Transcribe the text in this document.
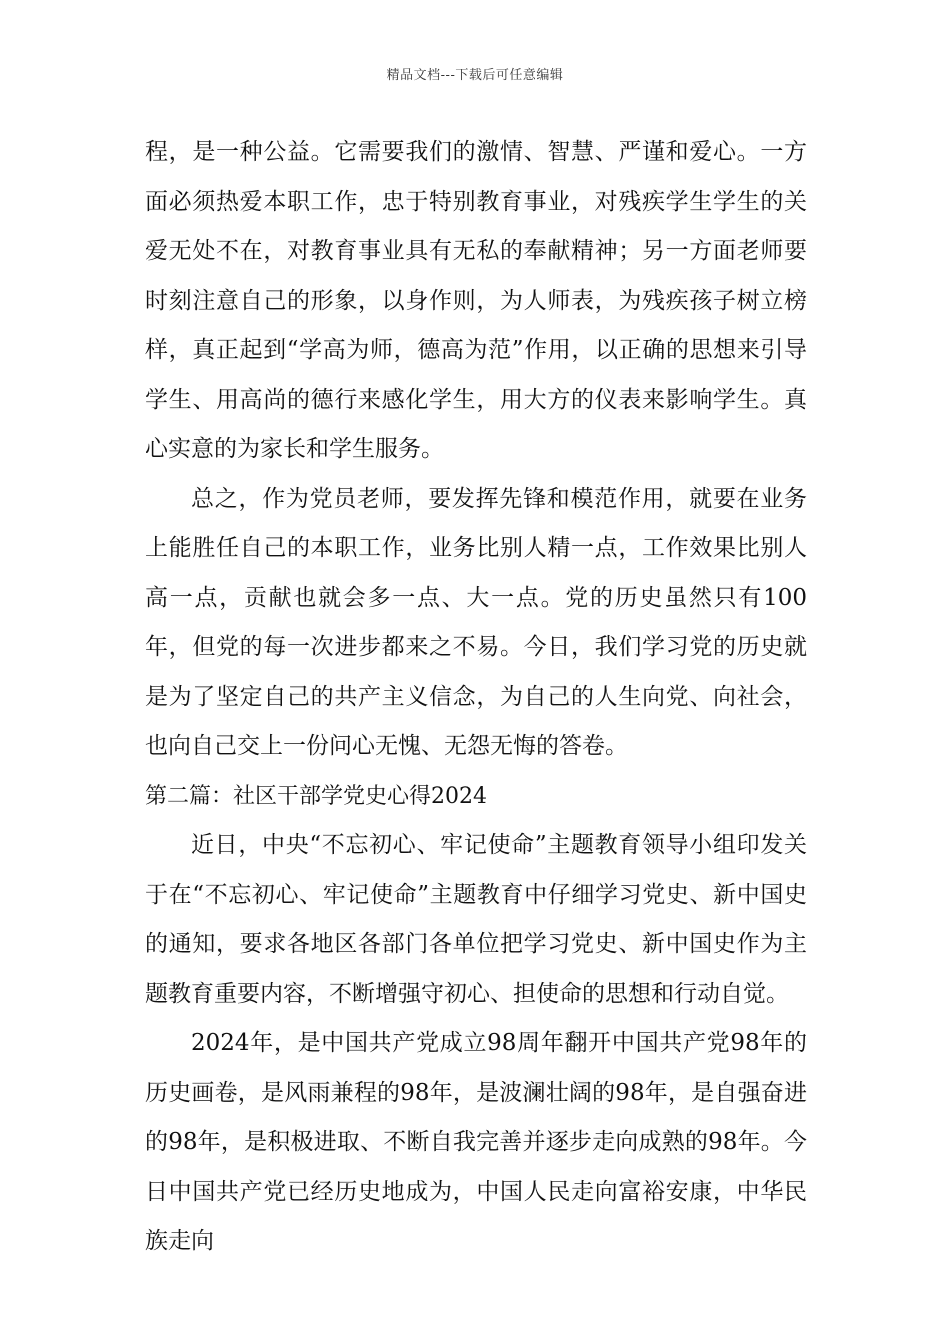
精品文档---下载后可任意编辑

程，是一种公益。它需要我们的激情、智慧、严谨和爱心。一方面必须热爱本职工作，忠于特别教育事业，对残疾学生学生的关爱无处不在，对教育事业具有无私的奉献精神；另一方面老师要时刻注意自己的形象，以身作则，为人师表，为残疾孩子树立榜样，真正起到“学高为师，德高为范”作用，以正确的思想来引导学生、用高尚的德行来感化学生，用大方的仪表来影响学生。真心实意的为家长和学生服务。

总之，作为党员老师，要发挥先锋和模范作用，就要在业务上能胜任自己的本职工作，业务比别人精一点，工作效果比别人高一点，贡献也就会多一点、大一点。党的历史虽然只有100年，但党的每一次进步都来之不易。今日，我们学习党的历史就是为了坚定自己的共产主义信念，为自己的人生向党、向社会，也向自己交上一份问心无愧、无怨无悔的答卷。

第二篇：社区干部学党史心得2024

近日，中央“不忘初心、牢记使命”主题教育领导小组印发关于在“不忘初心、牢记使命”主题教育中仔细学习党史、新中国史的通知，要求各地区各部门各单位把学习党史、新中国史作为主题教育重要内容，不断增强守初心、担使命的思想和行动自觉。

2024年，是中国共产党成立98周年翻开中国共产党98年的历史画卷，是风雨兼程的98年，是波澜壮阔的98年，是自强奋进的98年，是积极进取、不断自我完善并逐步走向成熟的98年。今日中国共产党已经历史地成为，中国人民走向富裕安康，中华民族走向
